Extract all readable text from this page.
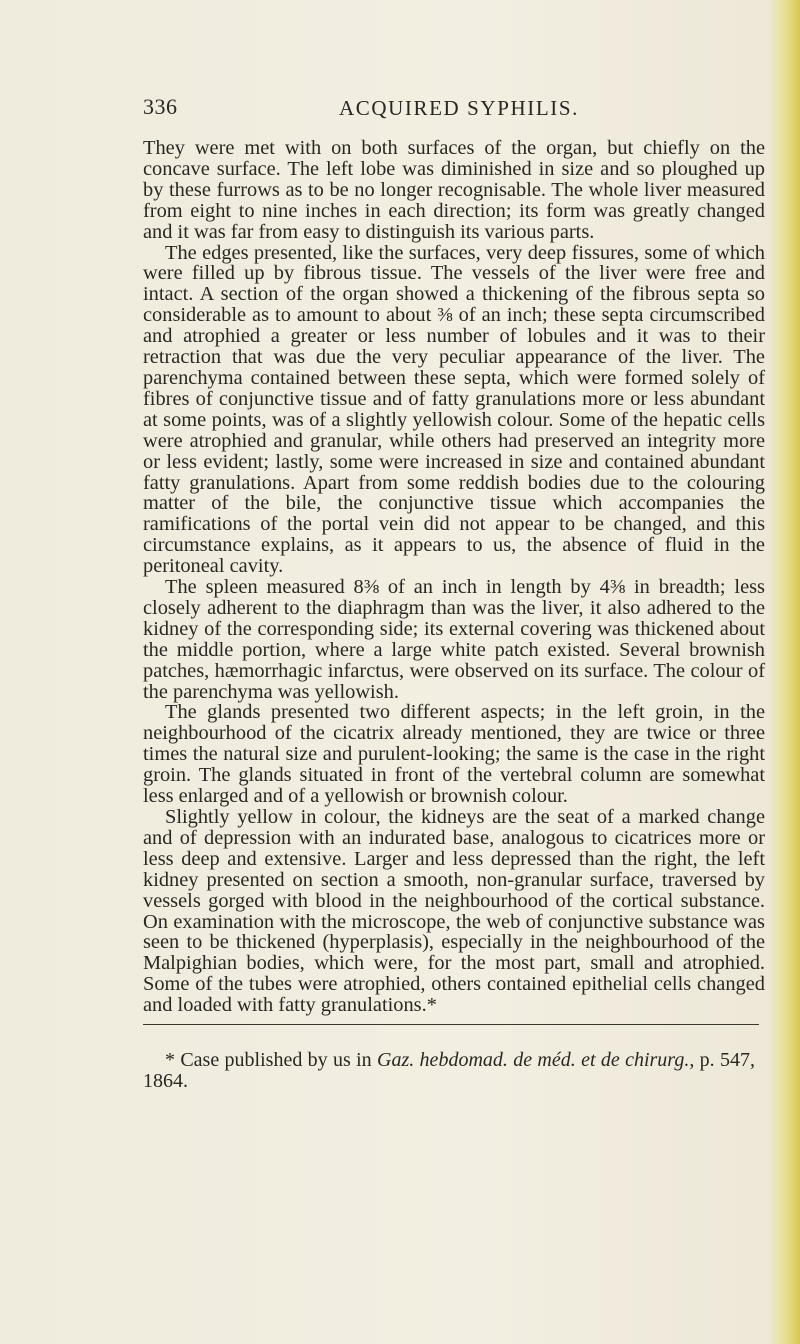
336	ACQUIRED SYPHILIS.

They were met with on both surfaces of the organ, but chiefly on the concave surface. The left lobe was diminished in size and so ploughed up by these furrows as to be no longer recognisable. The whole liver measured from eight to nine inches in each direction; its form was greatly changed and it was far from easy to distinguish its various parts.

The edges presented, like the surfaces, very deep fissures, some of which were filled up by fibrous tissue. The vessels of the liver were free and intact. A section of the organ showed a thickening of the fibrous septa so considerable as to amount to about ⅜ of an inch; these septa circumscribed and atrophied a greater or less number of lobules and it was to their retraction that was due the very peculiar appearance of the liver. The parenchyma contained between these septa, which were formed solely of fibres of conjunctive tissue and of fatty granulations more or less abundant at some points, was of a slightly yellowish colour. Some of the hepatic cells were atrophied and granular, while others had preserved an integrity more or less evident; lastly, some were increased in size and contained abundant fatty granulations. Apart from some reddish bodies due to the colouring matter of the bile, the conjunctive tissue which accompanies the ramifications of the portal vein did not appear to be changed, and this circumstance explains, as it appears to us, the absence of fluid in the peritoneal cavity.

The spleen measured 8⅜ of an inch in length by 4⅜ in breadth; less closely adherent to the diaphragm than was the liver, it also adhered to the kidney of the corresponding side; its external covering was thickened about the middle portion, where a large white patch existed. Several brownish patches, hæmorrhagic infarctus, were observed on its surface. The colour of the parenchyma was yellowish.

The glands presented two different aspects; in the left groin, in the neighbourhood of the cicatrix already mentioned, they are twice or three times the natural size and purulent-looking; the same is the case in the right groin. The glands situated in front of the vertebral column are somewhat less enlarged and of a yellowish or brownish colour.

Slightly yellow in colour, the kidneys are the seat of a marked change and of depression with an indurated base, analogous to cicatrices more or less deep and extensive. Larger and less depressed than the right, the left kidney presented on section a smooth, non-granular surface, traversed by vessels gorged with blood in the neighbourhood of the cortical substance. On examination with the microscope, the web of conjunctive substance was seen to be thickened (hyperplasis), especially in the neighbourhood of the Malpighian bodies, which were, for the most part, small and atrophied. Some of the tubes were atrophied, others contained epithelial cells changed and loaded with fatty granulations.*

* Case published by us in Gaz. hebdomad. de méd. et de chirurg., p. 547, 1864.
